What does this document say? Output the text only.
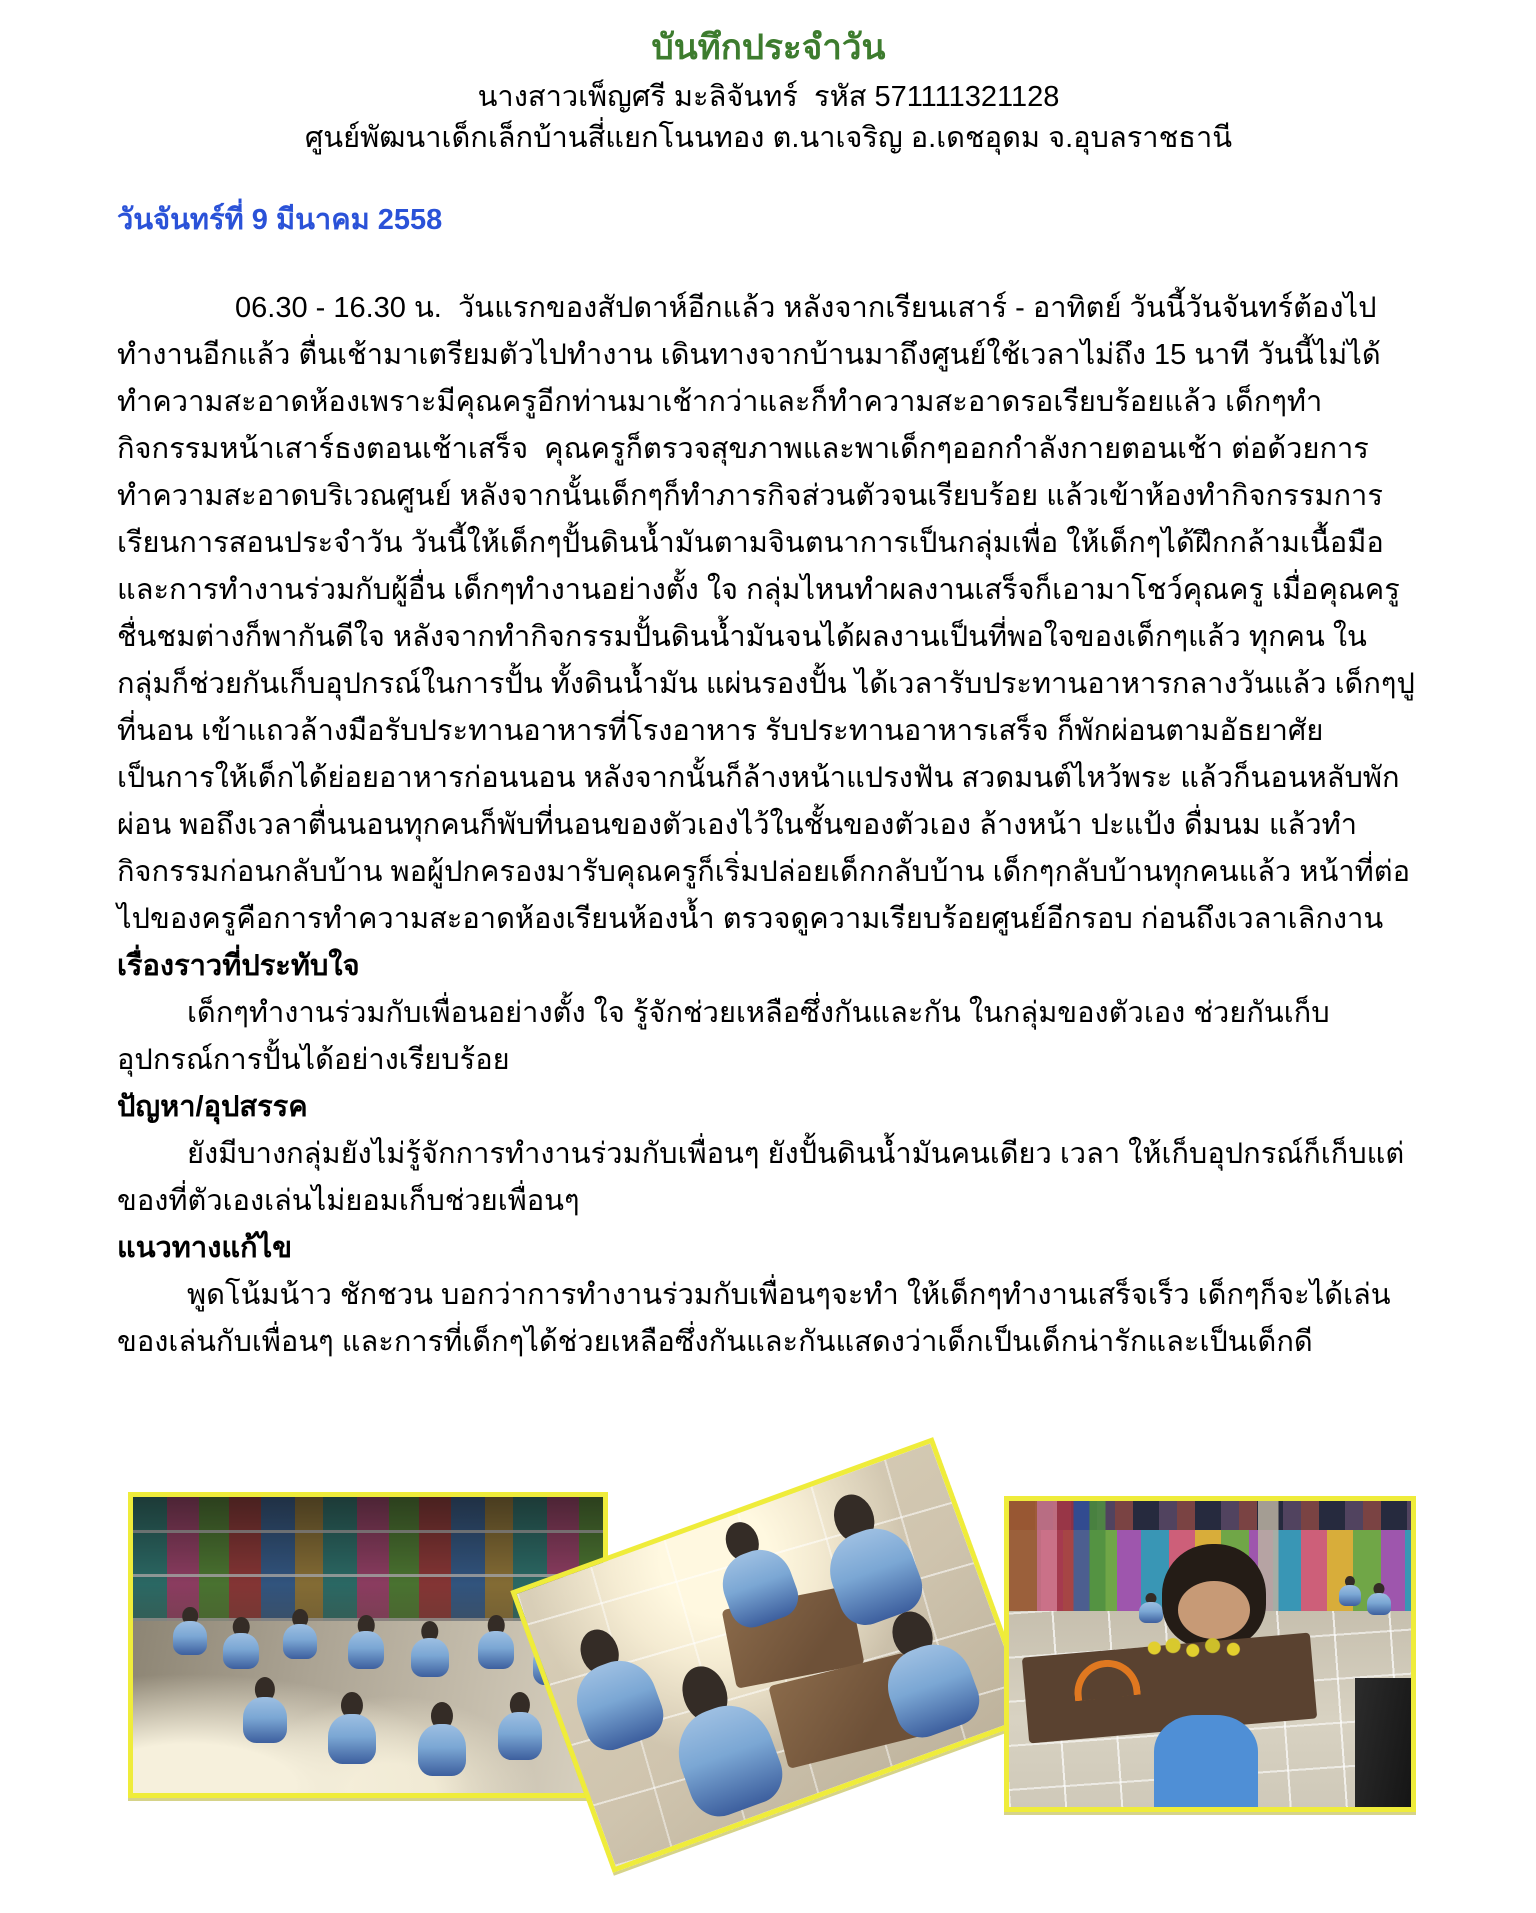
บันทึกประจำวัน

นางสาวเพ็ญศรี มะลิจันทร์  รหัส 571111321128

ศูนย์พัฒนาเด็กเล็กบ้านสี่แยกโนนทอง ต.นาเจริญ อ.เดชอุดม จ.อุบลราชธานี

วันจันทร์ที่ 9 มีนาคม 2558

06.30 - 16.30 น.  วันแรกของสัปดาห์อีกแล้ว หลังจากเรียนเสาร์ - อาทิตย์ วันนี้วันจันทร์ต้องไปทำงานอีกแล้ว ตื่นเช้ามาเตรียมตัวไปทำงาน เดินทางจากบ้านมาถึงศูนย์ใช้เวลาไม่ถึง 15 นาที วันนี้ไม่ได้ทำความสะอาดห้องเพราะมีคุณครูอีกท่านมาเช้ากว่าและก็ทำความสะอาดรอเรียบร้อยแล้ว เด็กๆทำกิจกรรมหน้าเสาร์ธงตอนเช้าเสร็จ  คุณครูก็ตรวจสุขภาพและพาเด็กๆออกกำลังกายตอนเช้า ต่อด้วยการทำความสะอาดบริเวณศูนย์ หลังจากนั้นเด็กๆก็ทำภารกิจส่วนตัวจนเรียบร้อย แล้วเข้าห้องทำกิจกรรมการเรียนการสอนประจำวัน วันนี้ให้เด็กๆปั้นดินน้ำมันตามจินตนาการเป็นกลุ่มเพื่อ ให้เด็กๆได้ฝึกกล้ามเนื้อมือและการทำงานร่วมกับผู้อื่น เด็กๆทำงานอย่างตั้ง ใจ กลุ่มไหนทำผลงานเสร็จก็เอามาโชว์คุณครู เมื่อคุณครูชื่นชมต่างก็พากันดีใจ หลังจากทำกิจกรรมปั้นดินน้ำมันจนได้ผลงานเป็นที่พอใจของเด็กๆแล้ว ทุกคน ในกลุ่มก็ช่วยกันเก็บอุปกรณ์ในการปั้น ทั้งดินน้ำมัน แผ่นรองปั้น ได้เวลารับประทานอาหารกลางวันแล้ว เด็กๆปูที่นอน เข้าแถวล้างมือรับประทานอาหารที่โรงอาหาร รับประทานอาหารเสร็จ ก็พักผ่อนตามอัธยาศัยเป็นการให้เด็กได้ย่อยอาหารก่อนนอน หลังจากนั้นก็ล้างหน้าแปรงฟัน สวดมนต์ไหว้พระ แล้วก็นอนหลับพักผ่อน พอถึงเวลาตื่นนอนทุกคนก็พับที่นอนของตัวเองไว้ในชั้นของตัวเอง ล้างหน้า ปะแป้ง ดื่มนม แล้วทำกิจกรรมก่อนกลับบ้าน พอผู้ปกครองมารับคุณครูก็เริ่มปล่อยเด็กกลับบ้าน เด็กๆกลับบ้านทุกคนแล้ว หน้าที่ต่อไปของครูคือการทำความสะอาดห้องเรียนห้องน้ำ ตรวจดูความเรียบร้อยศูนย์อีกรอบ ก่อนถึงเวลาเลิกงาน

เรื่องราวที่ประทับใจ

เด็กๆทำงานร่วมกับเพื่อนอย่างตั้ง ใจ รู้จักช่วยเหลือซึ่งกันและกัน ในกลุ่มของตัวเอง ช่วยกันเก็บอุปกรณ์การปั้นได้อย่างเรียบร้อย

ปัญหา/อุปสรรค

ยังมีบางกลุ่มยังไม่รู้จักการทำงานร่วมกับเพื่อนๆ ยังปั้นดินน้ำมันคนเดียว เวลา ให้เก็บอุปกรณ์ก็เก็บแต่ของที่ตัวเองเล่นไม่ยอมเก็บช่วยเพื่อนๆ

แนวทางแก้ไข

พูดโน้มน้าว ชักชวน บอกว่าการทำงานร่วมกับเพื่อนๆจะทำ ให้เด็กๆทำงานเสร็จเร็ว เด็กๆก็จะได้เล่นของเล่นกับเพื่อนๆ และการที่เด็กๆได้ช่วยเหลือซึ่งกันและกันแสดงว่าเด็กเป็นเด็กน่ารักและเป็นเด็กดี
